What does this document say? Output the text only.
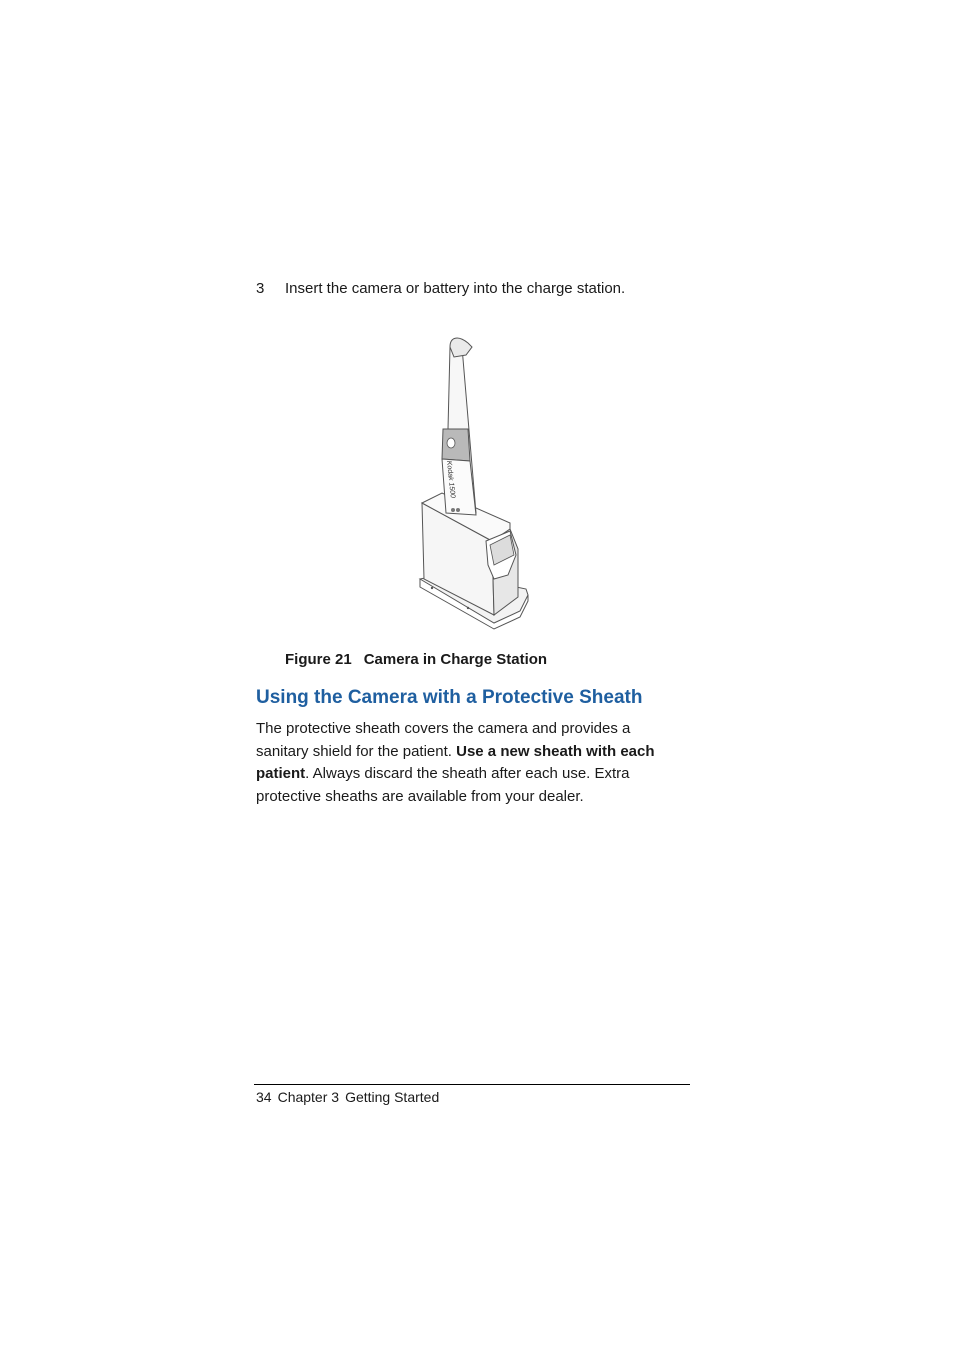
3 Insert the camera or battery into the charge station.
Kodak 1500
Figure 21 Camera in Charge Station
Using the Camera with a Protective Sheath

The protective sheath covers the camera and provides a sanitary shield for the patient. Use a new sheath with each patient. Always discard the sheath after each use. Extra protective sheaths are available from your dealer.

34 Chapter 3 Getting Started
